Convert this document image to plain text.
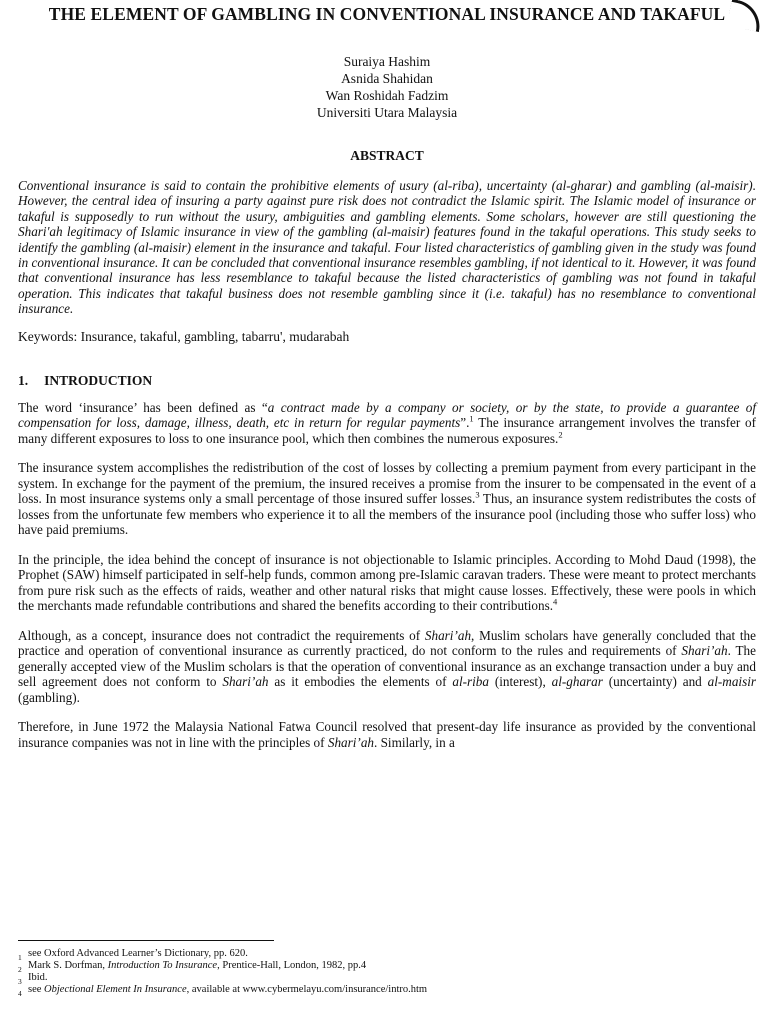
THE ELEMENT OF GAMBLING IN CONVENTIONAL INSURANCE AND TAKAFUL
Suraiya Hashim
Asnida Shahidan
Wan Roshidah Fadzim
Universiti Utara Malaysia
ABSTRACT
Conventional insurance is said to contain the prohibitive elements of usury (al-riba), uncertainty (al-gharar) and gambling (al-maisir). However, the central idea of insuring a party against pure risk does not contradict the Islamic spirit. The Islamic model of insurance or takaful is supposedly to run without the usury, ambiguities and gambling elements. Some scholars, however are still questioning the Shari'ah legitimacy of Islamic insurance in view of the gambling (al-maisir) features found in the takaful operations. This study seeks to identify the gambling (al-maisir) element in the insurance and takaful. Four listed characteristics of gambling given in the study was found in conventional insurance. It can be concluded that conventional insurance resembles gambling, if not identical to it. However, it was found that conventional insurance has less resemblance to takaful because the listed characteristics of gambling was not found in takaful operation. This indicates that takaful business does not resemble gambling since it (i.e. takaful) has no resemblance to conventional insurance.
Keywords: Insurance, takaful, gambling, tabarru', mudarabah
1. INTRODUCTION
The word ‘insurance’ has been defined as “a contract made by a company or society, or by the state, to provide a guarantee of compensation for loss, damage, illness, death, etc in return for regular payments”.$^1$ The insurance arrangement involves the transfer of many different exposures to loss to one insurance pool, which then combines the numerous exposures.$^2$
The insurance system accomplishes the redistribution of the cost of losses by collecting a premium payment from every participant in the system. In exchange for the payment of the premium, the insured receives a promise from the insurer to be compensated in the event of a loss. In most insurance systems only a small percentage of those insured suffer losses.$^3$ Thus, an insurance system redistributes the costs of losses from the unfortunate few members who experience it to all the members of the insurance pool (including those who suffer loss) who have paid premiums.
In the principle, the idea behind the concept of insurance is not objectionable to Islamic principles. According to Mohd Daud (1998), the Prophet (SAW) himself participated in self-help funds, common among pre-Islamic caravan traders. These were meant to protect merchants from pure risk such as the effects of raids, weather and other natural risks that might cause losses. Effectively, these were pools in which the merchants made refundable contributions and shared the benefits according to their contributions.$^4$
Although, as a concept, insurance does not contradict the requirements of Shari’ah, Muslim scholars have generally concluded that the practice and operation of conventional insurance as currently practiced, do not conform to the rules and requirements of Shari’ah. The generally accepted view of the Muslim scholars is that the operation of conventional insurance as an exchange transaction under a buy and sell agreement does not conform to Shari’ah as it embodies the elements of al-riba (interest), al-gharar (uncertainty) and al-maisir (gambling).
Therefore, in June 1972 the Malaysia National Fatwa Council resolved that present-day life insurance as provided by the conventional insurance companies was not in line with the principles of Shari’ah. Similarly, in a
1 see Oxford Advanced Learner’s Dictionary, pp. 620.
2 Mark S. Dorfman, Introduction To Insurance, Prentice-Hall, London, 1982, pp.4
3 Ibid.
4 see Objectional Element In Insurance, available at www.cybermelayu.com/insurance/intro.htm
